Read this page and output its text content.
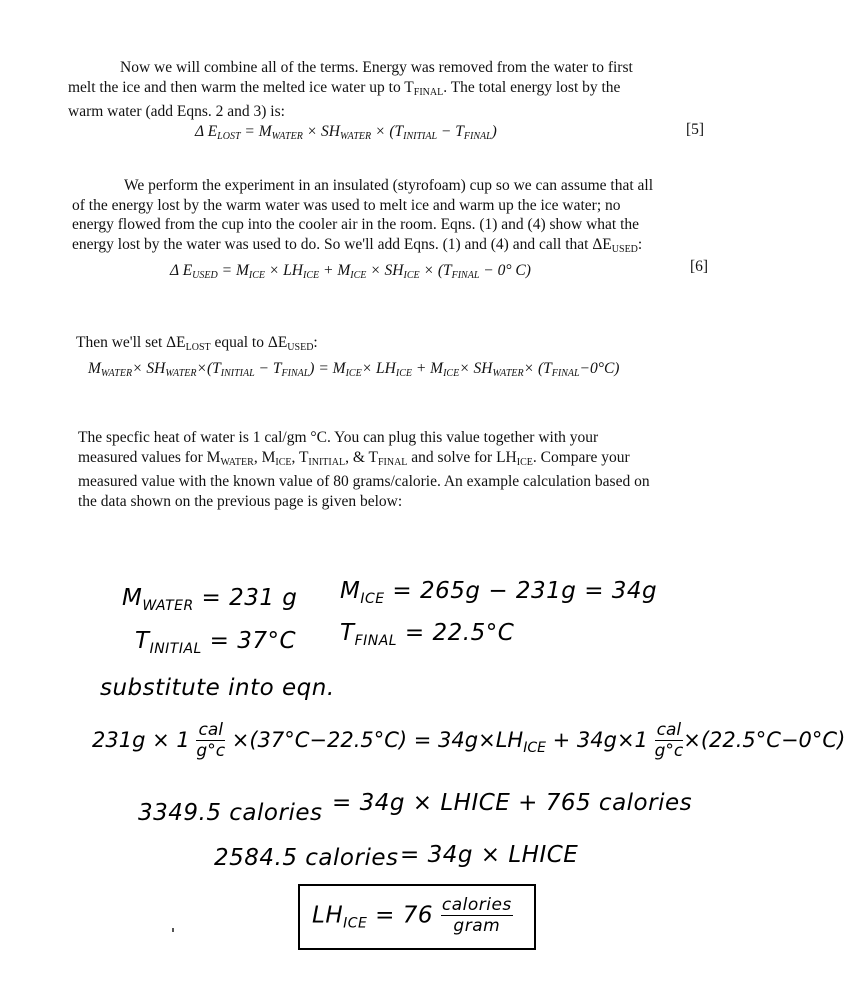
Now we will combine all of the terms. Energy was removed from the water to first
melt the ice and then warm the melted ice water up to $T_{FINAL}$. The total energy lost by the
warm water (add Eqns. 2 and 3) is:

Δ $E_{LOST} = M_{WATER} \times SH_{WATER} \times (T_{INITIAL} - T_{FINAL})$	[5]

We perform the experiment in an insulated (styrofoam) cup so we can assume that all
of the energy lost by the warm water was used to melt ice and warm up the ice water; no
energy flowed from the cup into the cooler air in the room. Eqns. (1) and (4) show what the
energy lost by the water was used to do. So we'll add Eqns. (1) and (4) and call that $\Delta E_{USED}$:

Δ $E_{USED} = M_{ICE} \times LH_{ICE} + M_{ICE} \times SH_{ICE} \times (T_{FINAL} - 0^\circ$ C)	[6]

Then we'll set $\Delta E_{LOST}$ equal to $\Delta E_{USED}$:

$M_{WATER}\times SH_{WATER}\times(T_{INITIAL} - T_{FINAL}) = M_{ICE}\times LH_{ICE} + M_{ICE}\times SH_{WATER}\times (T_{FINAL}-0^\circ C)$

The specfic heat of water is 1 cal/gm °C. You can plug this value together with your
measured values for $M_{WATER}$, $M_{ICE}$, $T_{INITIAL}$, & $T_{FINAL}$ and solve for $LH_{ICE}$. Compare your
measured value with the known value of 80 grams/calorie. An example calculation based on
the data shown on the previous page is given below:

$M_{WATER} = 231$ g $M_{ICE} = 265g - 231g = 34g$
$T_{INITIAL} = 37^\circ C$ $T_{FINAL} = 22.5^\circ C$
substitute into eqn.
$231g \times 1 \frac{\text{cal}}{g^\circ c} \times(37^\circ C-22.5^\circ C) = 34g\times LH_{ICE} + 34g\times 1 \frac{\text{cal}}{g^\circ c} \times(22.5^\circ C-0^\circ C)$
3349.5 calories = 34g × LHICE + 765 calories
2584.5 calories = 34g × LHICE
$LH_{ICE} = 76 \frac{\text{calories}}{\text{gram}}$
